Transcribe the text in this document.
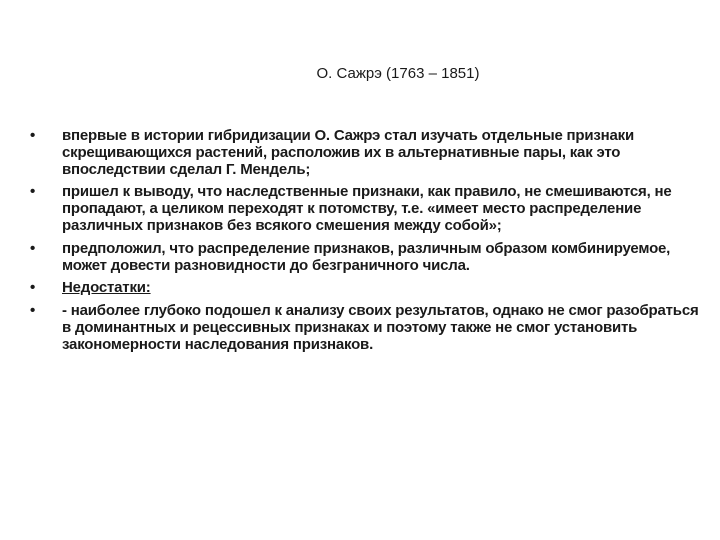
О. Сажрэ (1763 – 1851)
•	впервые в истории гибридизации О. Сажрэ стал изучать отдельные признаки скрещивающихся растений, расположив их в альтернативные пары, как это впоследствии сделал Г. Мендель;
•	пришел к выводу, что наследственные признаки, как правило, не смешиваются, не пропадают, а целиком переходят к потомству, т.е. «имеет место распределение различных признаков без всякого смешения между собой»;
•	предположил, что распределение признаков, различным образом комбинируемое, может довести разновидности до безграничного числа.
•	Недостатки:
•	- наиболее глубоко подошел к анализу своих результатов, однако не смог разобраться в доминантных и рецессивных признаках и поэтому также не смог установить закономерности наследования признаков.
